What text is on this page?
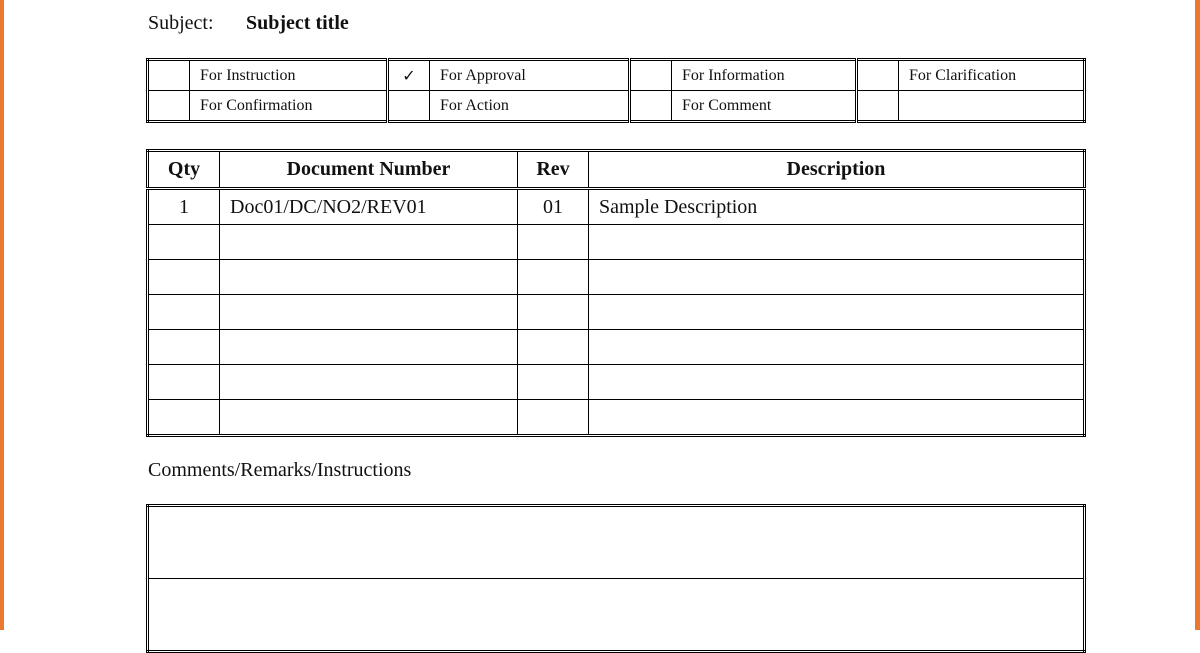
Subject: Subject title
	For Instruction	✓	For Approval		For Information		For Clarification
	For Confirmation		For Action		For Comment		
Qty	Document Number	Rev	Description
1	Doc01/DC/NO2/REV01	01	Sample Description

Comments/Remarks/Instructions
